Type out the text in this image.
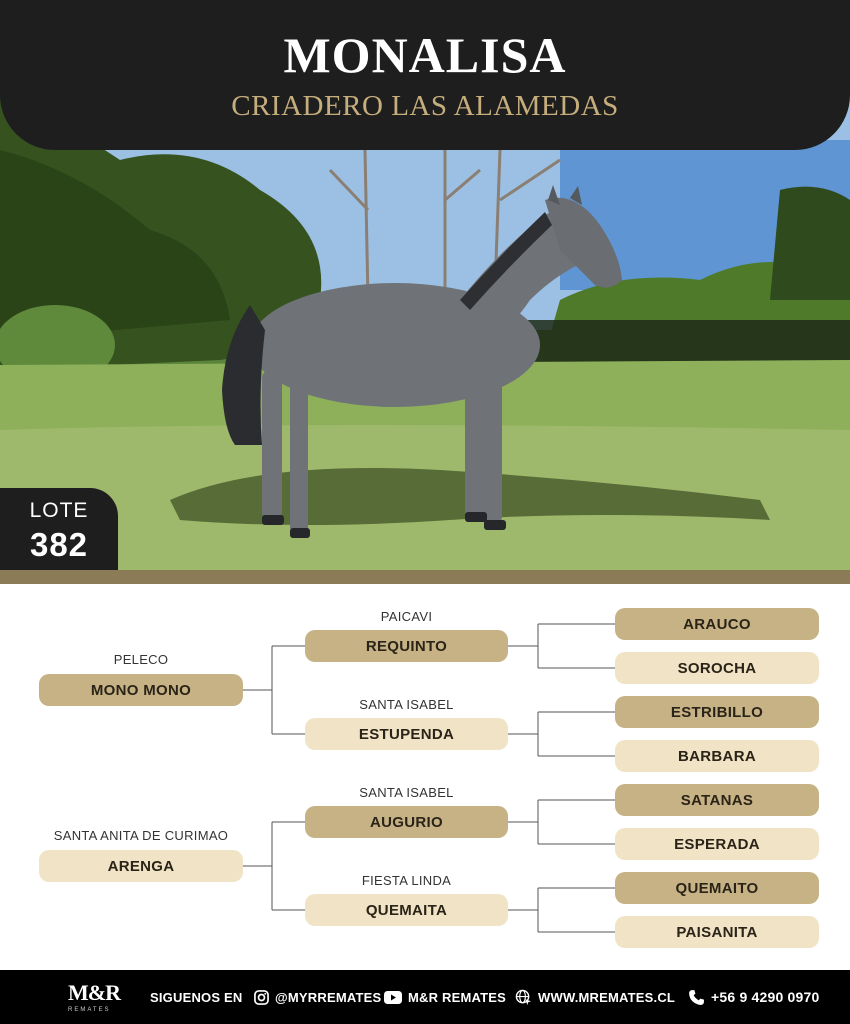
MONALISA
CRIADERO LAS ALAMEDAS
LOTE
382
PELECO
MONO MONO
PAICAVI
REQUINTO
SANTA ISABEL
ESTUPENDA
ARAUCO
SOROCHA
ESTRIBILLO
BARBARA
SANTA ANITA DE CURIMAO
ARENGA
SANTA ISABEL
AUGURIO
FIESTA LINDA
QUEMAITA
SATANAS
ESPERADA
QUEMAITO
PAISANITA
M&R
REMATES
SIGUENOS EN	@MYRREMATES M&R REMATES WWW.MREMATES.CL	+56 9 4290 0970
